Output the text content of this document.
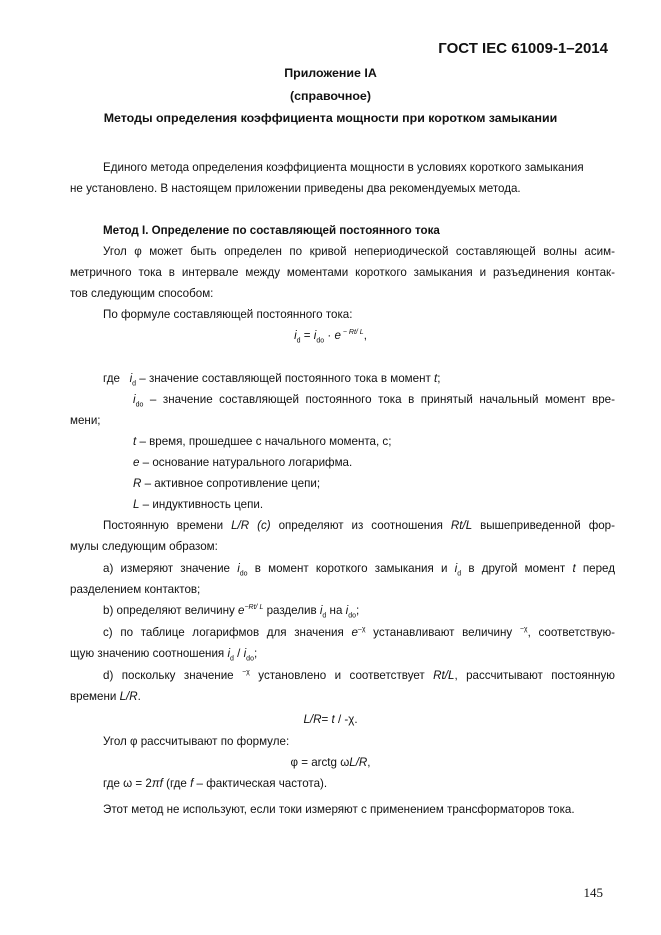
ГОСТ IEC 61009-1–2014
Приложение IA
(справочное)
Методы определения коэффициента мощности при коротком замыкании
Единого метода определения коэффициента мощности в условиях короткого замыкания
не установлено. В настоящем приложении приведены два рекомендуемых метода.
Метод I. Определение по составляющей постоянного тока
Угол φ может быть определен по кривой непериодической составляющей волны асим-
метричного тока в интервале между моментами короткого замыкания и разъединения контак-
тов следующим способом:
По формуле составляющей постоянного тока:
$i_d = i_{do} \cdot e$ $^{- Rt/ L}$,
где $i_d$ – значение составляющей постоянного тока в момент t;
$i_{do}$ – значение составляющей постоянного тока в принятый начальный момент вре-
мени;
t – время, прошедшее с начального момента, с;
e – основание натурального логарифма.
R – активное сопротивление цепи;
L – индуктивность цепи.
Постоянную времени L/R (c) определяют из соотношения Rt/L вышеприведенной фор-
мулы следующим образом:
а) измеряют значение $i_{do}$ в момент короткого замыкания и $i_d$ в другой момент t перед
разделением контактов;
b) определяют величину $e^{-Rt/ L}$ разделив $i_d$ на $i_{do}$;
c) по таблице логарифмов для значения $e^{-\chi}$ устанавливают величину $^{-\chi}$, соответствую-
щую значению соотношения $i_d / i_{do}$;
d) поскольку значение $^{-\chi}$ установлено и соответствует Rt/L, рассчитывают постоянную
времени L/R.
L/R= t / -χ.
Угол φ рассчитывают по формуле:
φ = arctg ωL/R,
где ω = 2πf (где f – фактическая частота).
Этот метод не используют, если токи измеряют с применением трансформаторов тока.
145
